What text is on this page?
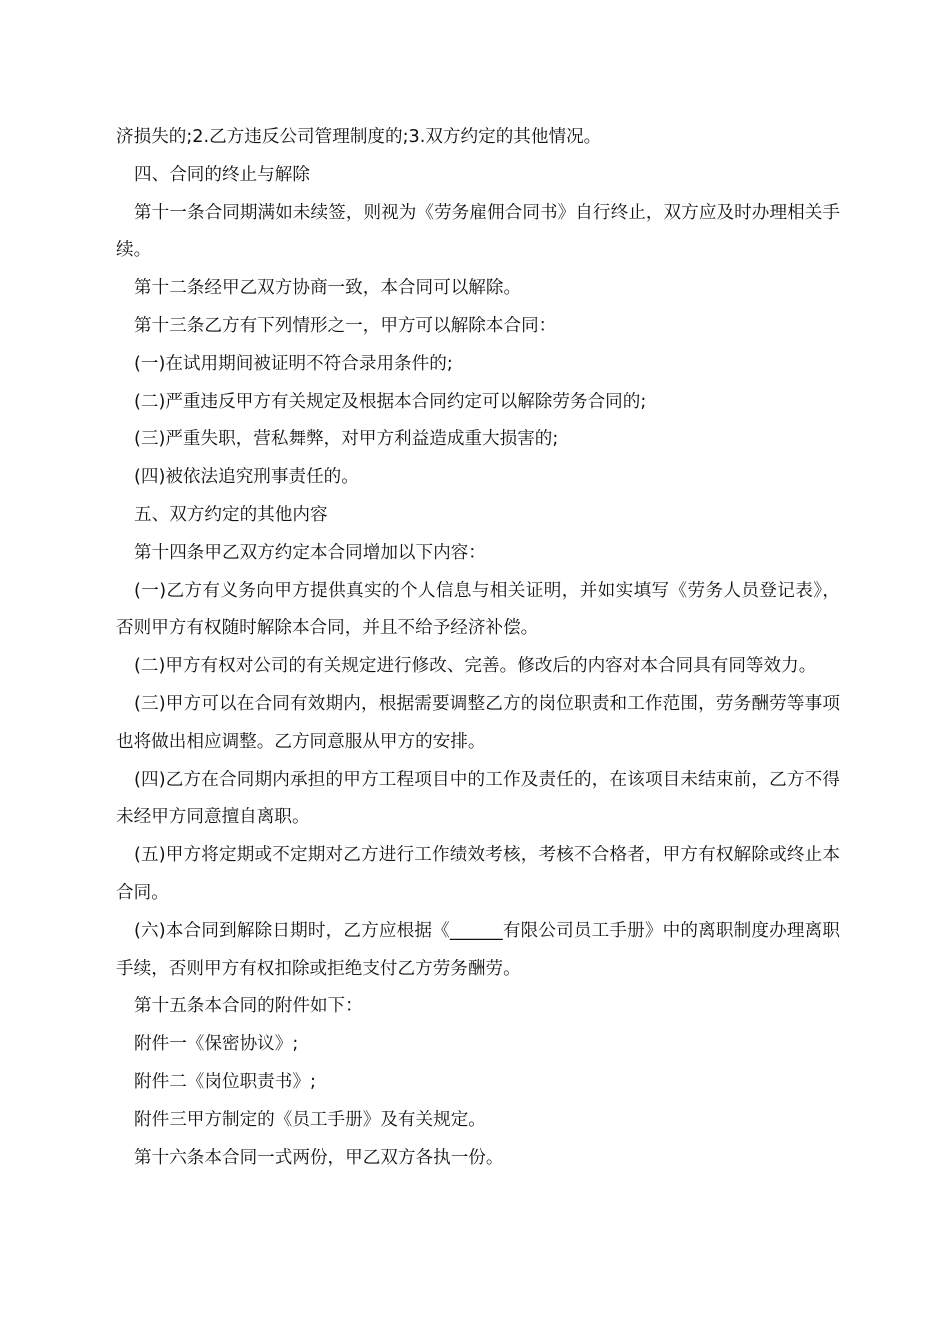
济损失的;2.乙方违反公司管理制度的;3.双方约定的其他情况。

四、合同的终止与解除

第十一条合同期满如未续签，则视为《劳务雇佣合同书》自行终止，双方应及时办理相关手续。

第十二条经甲乙双方协商一致，本合同可以解除。

第十三条乙方有下列情形之一，甲方可以解除本合同：

(一)在试用期间被证明不符合录用条件的;

(二)严重违反甲方有关规定及根据本合同约定可以解除劳务合同的;

(三)严重失职，营私舞弊，对甲方利益造成重大损害的;

(四)被依法追究刑事责任的。

五、双方约定的其他内容

第十四条甲乙双方约定本合同增加以下内容：

(一)乙方有义务向甲方提供真实的个人信息与相关证明，并如实填写《劳务人员登记表》，否则甲方有权随时解除本合同，并且不给予经济补偿。

(二)甲方有权对公司的有关规定进行修改、完善。修改后的内容对本合同具有同等效力。

(三)甲方可以在合同有效期内，根据需要调整乙方的岗位职责和工作范围，劳务酬劳等事项也将做出相应调整。乙方同意服从甲方的安排。

(四)乙方在合同期内承担的甲方工程项目中的工作及责任的，在该项目未结束前，乙方不得未经甲方同意擅自离职。

(五)甲方将定期或不定期对乙方进行工作绩效考核，考核不合格者，甲方有权解除或终止本合同。

(六)本合同到解除日期时，乙方应根据《______有限公司员工手册》中的离职制度办理离职手续，否则甲方有权扣除或拒绝支付乙方劳务酬劳。

第十五条本合同的附件如下：

附件一《保密协议》;

附件二《岗位职责书》;

附件三甲方制定的《员工手册》及有关规定。

第十六条本合同一式两份，甲乙双方各执一份。
